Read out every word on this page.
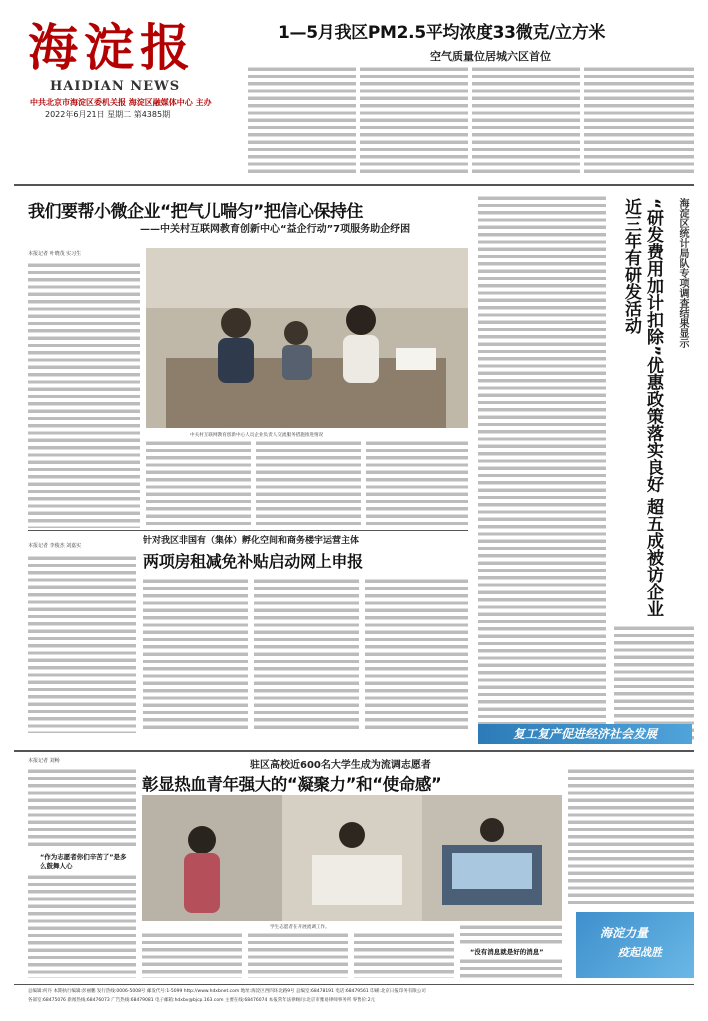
海淀报
HAIDIAN NEWS
中共北京市海淀区委机关报 海淀区融媒体中心 主办
2022年6月21日 星期二 第4385期
1—5月我区PM2.5平均浓度33微克/立方米
空气质量位居城六区首位
我们要帮小微企业“把气儿喘匀”把信心保持住
——中关村互联网教育创新中心“益企行动”7项服务助企纾困
本报记者 叶晓茂 实习生
中关村互联网教育创新中心人员企业负责人交流服务措施推进情况	“研发费用加计扣除”优惠政策落实良好 超五成被访企业近三年有研发活动	海淀区统计局队专项调查结果显示
针对我区非国有（集体）孵化空间和商务楼宇运营主体
两项房租减免补贴启动网上申报
本报记者 李俊杰 刘嘉实
复工复产促进经济社会发展
本报记者 刘畅	驻区高校近600名大学生成为流调志愿者
彰显热血青年强大的“凝聚力”和“使命感”
“作为志愿者你们辛苦了”是多么鼓舞人心
学生志愿者在开展流调工作。
“没有消息就是好的消息”
海淀力量
疫起战胜
总编辑:何丹 本期执行编辑:彭丽鹏 发行热线:0006-5008号 邮发代号:1-5099 http://www.hdxbnet.com 地址:海淀区西四环北路9号 总编室:68478191 电话:68479561 印刷:北京日报印务有限公司
各部室:68475076 新闻热线:68476073 广告热线:68479081 电子邮箱:hdxbv@bjcp.163.com 主要在线:68476074 本报常年法律顾问:北京市雅易律师事务所 零售价:2元
